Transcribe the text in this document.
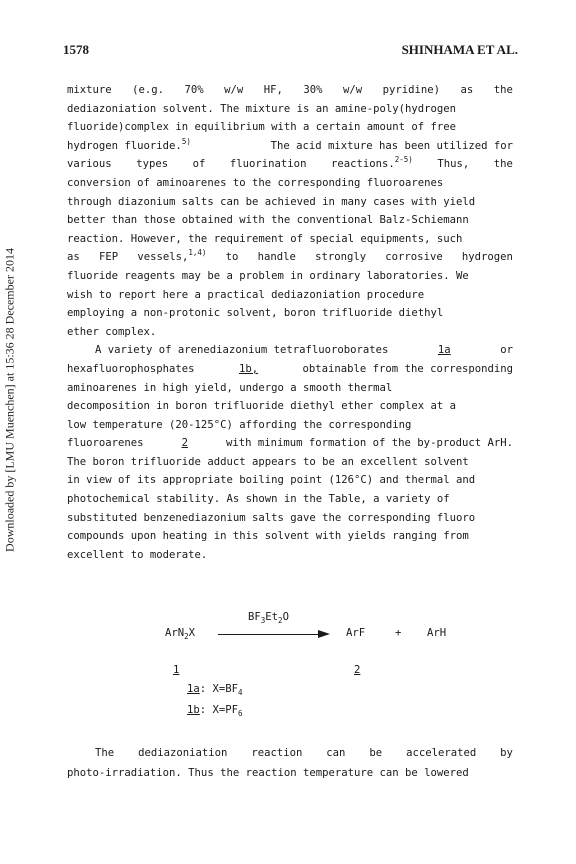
Downloaded by [LMU Muenchen] at 15:36 28 December 2014
1578	SHINHAMA ET AL.
mixture (e.g. 70% w/w HF, 30% w/w pyridine) as the
dediazoniation solvent. The mixture is an amine-poly(hydrogen
fluoride)complex in equilibrium with a certain amount of free
hydrogen fluoride.$^{5)}$	The acid mixture has been utilized for
various types of fluorination reactions.$^{2-5)}$ Thus, the
conversion of aminoarenes to the corresponding fluoroarenes
through diazonium salts can be achieved in many cases with yield
better than those obtained with the conventional Balz-Schiemann
reaction. However, the requirement of special equipments, such
as FEP vessels,$^{1,4)}$ to handle strongly corrosive hydrogen
fluoride reagents may be a problem in ordinary laboratories. We
wish to report here a practical dediazoniation procedure
employing a non-protonic solvent, boron trifluoride diethyl
ether complex.
A variety of arenediazonium tetrafluoroborates	1a	or
hexafluorophosphates	1b,	obtainable from the corresponding
aminoarenes in high yield, undergo a smooth thermal
decomposition in boron trifluoride diethyl ether complex at a
low temperature (20-125°C) affording the corresponding
fluoroarenes	2	with minimum formation of the by-product ArH.
The boron trifluoride adduct appears to be an excellent solvent
in view of its appropriate boiling point (126°C) and thermal and
photochemical stability. As shown in the Table, a variety of
substituted benzenediazonium salts gave the corresponding fluoro
compounds upon heating in this solvent with yields ranging from
excellent to moderate.
$BF_3Et_2O$
ArN$_2$X	ArF	+ ArH
1	2
1a: $X=BF_4$
1b: $X=PF_6$
The dediazoniation reaction can be accelerated by
photo-irradiation. Thus the reaction temperature can be lowered
